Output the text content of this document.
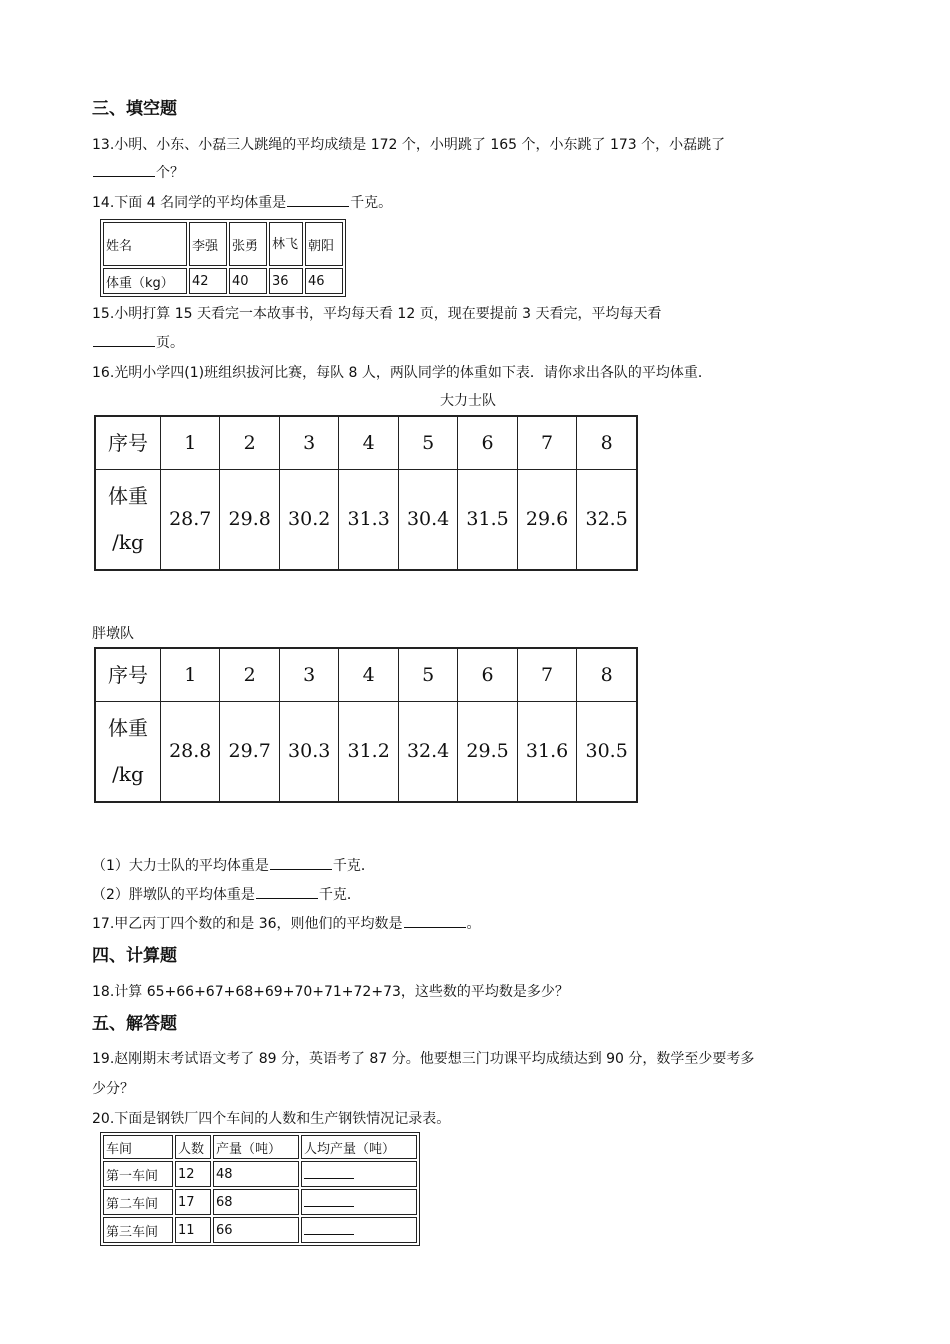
三、填空题
13.小明、小东、小磊三人跳绳的平均成绩是 172 个，小明跳了 165 个，小东跳了 173 个，小磊跳了
个？
14.下面 4 名同学的平均体重是	千克。
姓名	李强	张勇	林飞	朝阳
体重（kg）	42	40	36	46
15.小明打算 15 天看完一本故事书，平均每天看 12 页，现在要提前 3 天看完，平均每天看
页。
16.光明小学四(1)班组织拔河比赛，每队 8 人，两队同学的体重如下表．请你求出各队的平均体重．
大力士队
序号	1	2	3	4	5	6	7	8

体重
/kg	28.7	29.8	30.2	31.3	30.4	31.5	29.6	32.5
胖墩队
序号	1	2	3	4	5	6	7	8

体重
/kg	28.8	29.7	30.3	31.2	32.4	29.5	31.6	30.5
（1）大力士队的平均体重是	千克．
（2）胖墩队的平均体重是	千克．
17.甲乙丙丁四个数的和是 36，则他们的平均数是	。
四、计算题
18.计算 65+66+67+68+69+70+71+72+73，这些数的平均数是多少？
五、解答题
19.赵刚期末考试语文考了 89 分，英语考了 87 分。他要想三门功课平均成绩达到 90 分，数学至少要考多
少分？
20.下面是钢铁厂四个车间的人数和生产钢铁情况记录表。
车间	人数	产量（吨）	人均产量（吨）
第一车间	12	48	
第二车间	17	68	
第三车间	11	66	
